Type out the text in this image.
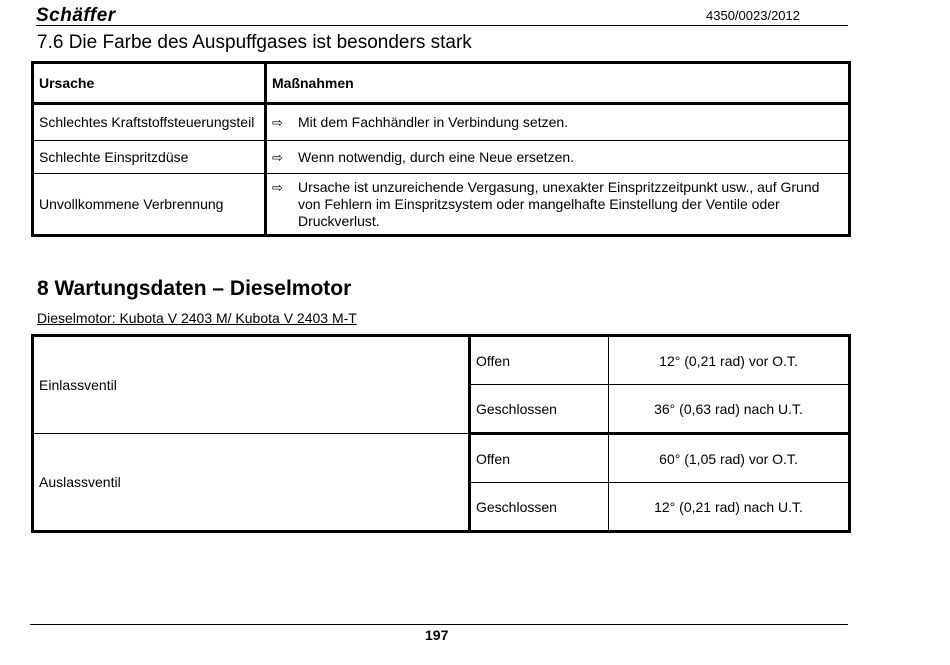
Schäffer	4350/0023/2012
7.6 Die Farbe des Auspuffgases ist besonders stark
Ursache	Maßnahmen
Schlechtes Kraftstoffsteuerungsteil	⇨ Mit dem Fachhändler in Verbindung setzen.

Schlechte Einspritzdüse	⇨ Wenn notwendig, durch eine Neue ersetzen.

Unvollkommene Verbrennung	⇨ Ursache ist unzureichende Vergasung, unexakter Einspritzzeitpunkt usw., auf Grund von Fehlern im Einspritzsystem oder mangelhafte Einstellung der Ventile oder Druckverlust.
8 Wartungsdaten – Dieselmotor
Dieselmotor: Kubota V 2403 M/ Kubota V 2403 M-T
Einlassventil	Offen	12° (0,21 rad) vor O.T.
	Geschlossen	36° (0,63 rad) nach U.T.
Auslassventil	Offen	60° (1,05 rad) vor O.T.
	Geschlossen	12° (0,21 rad) nach U.T.
197
